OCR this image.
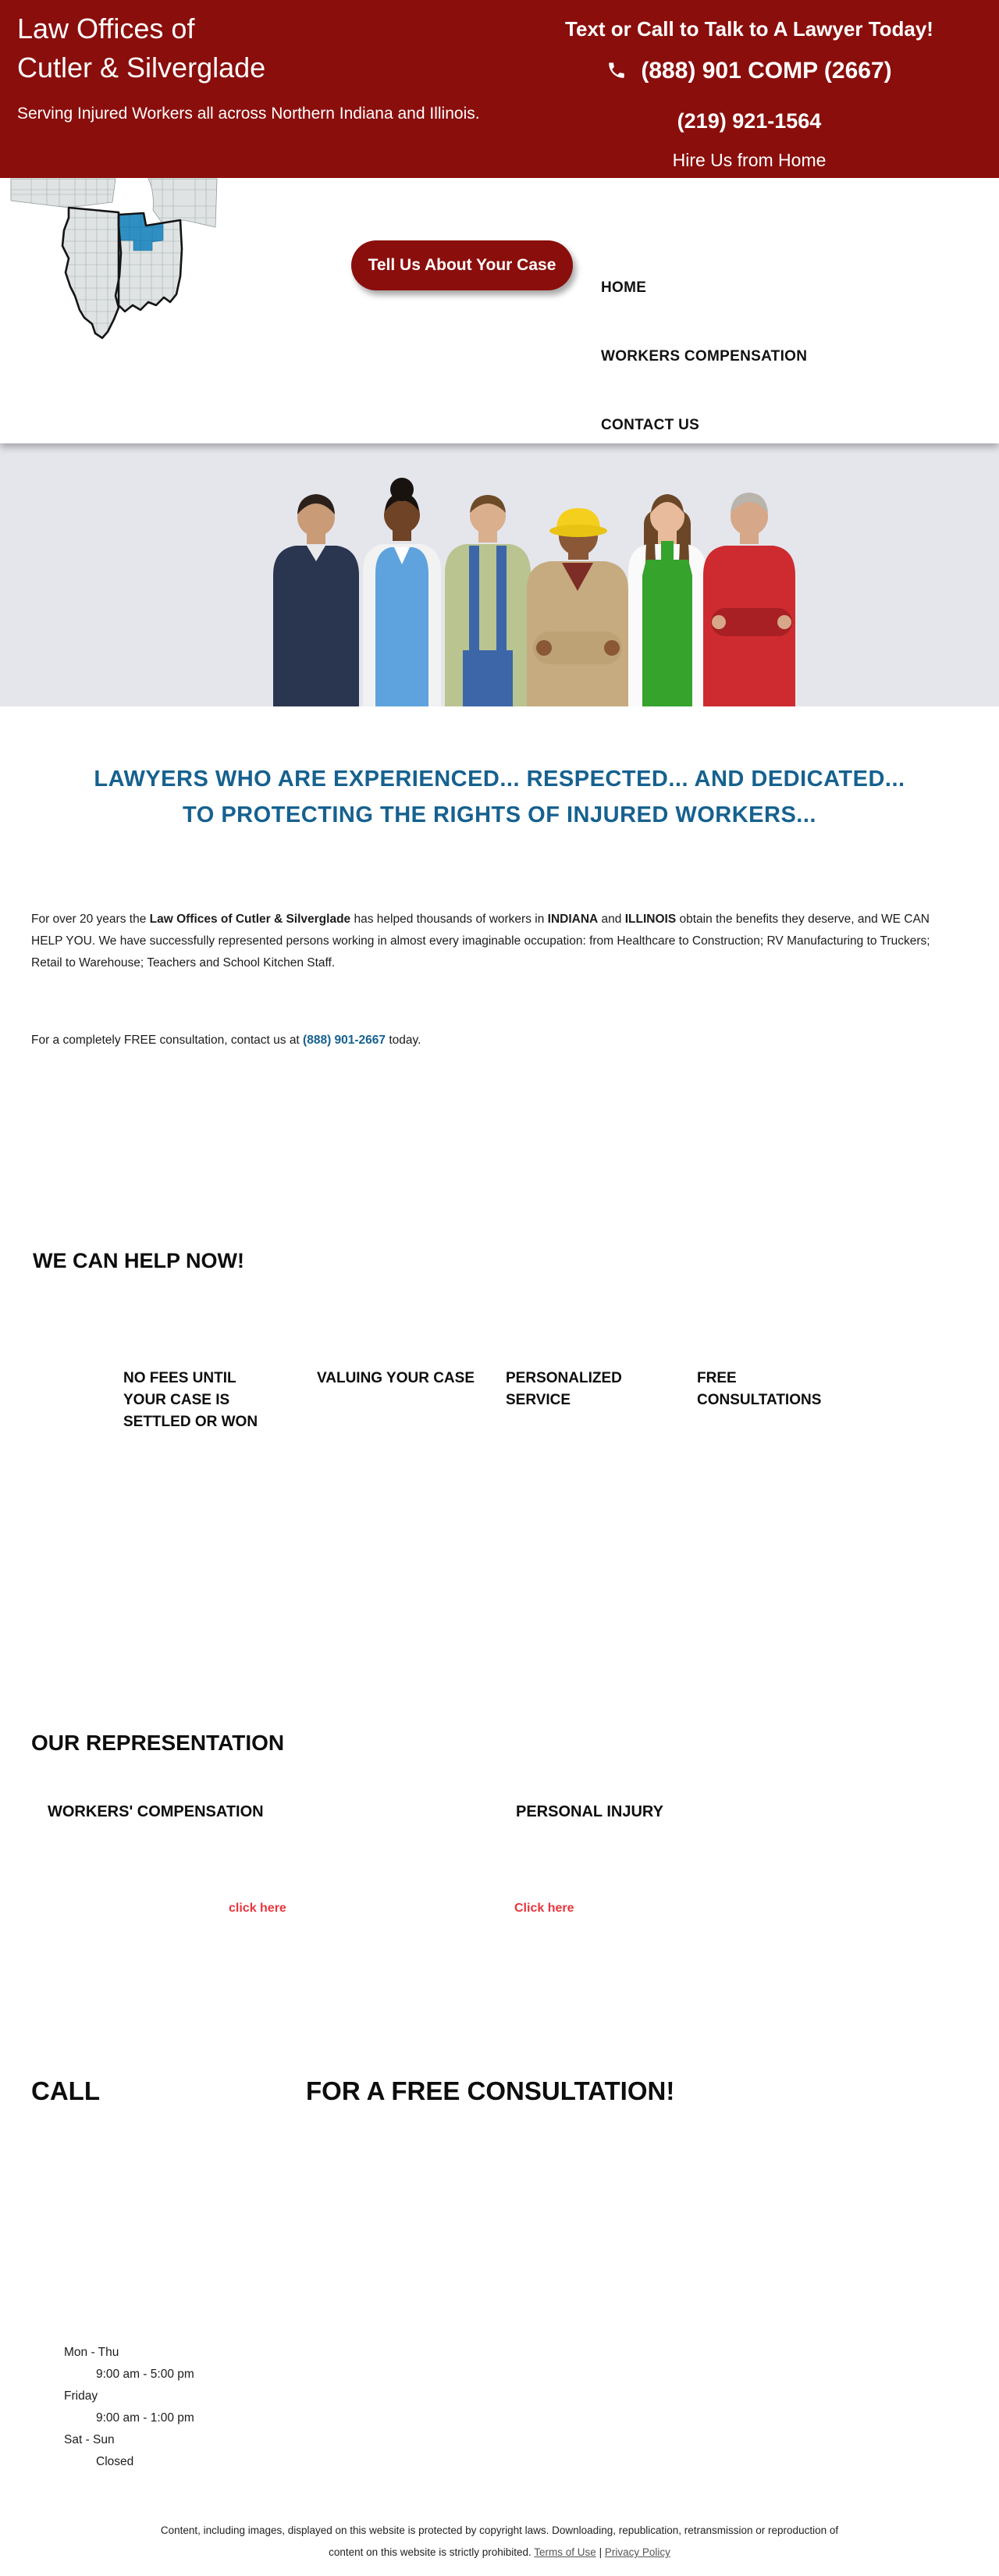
Law Offices of
Cutler & Silverglade
Serving Injured Workers all across Northern Indiana and Illinois.
Text or Call to Talk to A Lawyer Today!
(888) 901 COMP (2667)
(219) 921-1564
Hire Us from Home
Tell Us About Your Case
HOME
WORKERS COMPENSATION
CONTACT US
LAWYERS WHO ARE EXPERIENCED... RESPECTED... AND DEDICATED...
TO PROTECTING THE RIGHTS OF INJURED WORKERS...

For over 20 years the Law Offices of Cutler & Silverglade has helped thousands of workers in INDIANA and ILLINOIS obtain the benefits they deserve, and WE CAN HELP YOU. We have successfully represented persons working in almost every imaginable occupation: from Healthcare to Construction; RV Manufacturing to Truckers; Retail to Warehouse; Teachers and School Kitchen Staff.

For a completely FREE consultation, contact us at (888) 901-2667 today.

WE CAN HELP NOW!
NO FEES UNTIL YOUR CASE IS SETTLED OR WON
VALUING YOUR CASE	PERSONALIZED SERVICE
FREE CONSULTATIONS
OUR REPRESENTATION
WORKERS' COMPENSATION	PERSONAL INJURY
click here	Click here
CALL	FOR A FREE CONSULTATION!
Mon - Thu
9:00 am - 5:00 pm
Friday
9:00 am - 1:00 pm
Sat - Sun
Closed
Content, including images, displayed on this website is protected by copyright laws. Downloading, republication, retransmission or reproduction of
content on this website is strictly prohibited. Terms of Use | Privacy Policy
